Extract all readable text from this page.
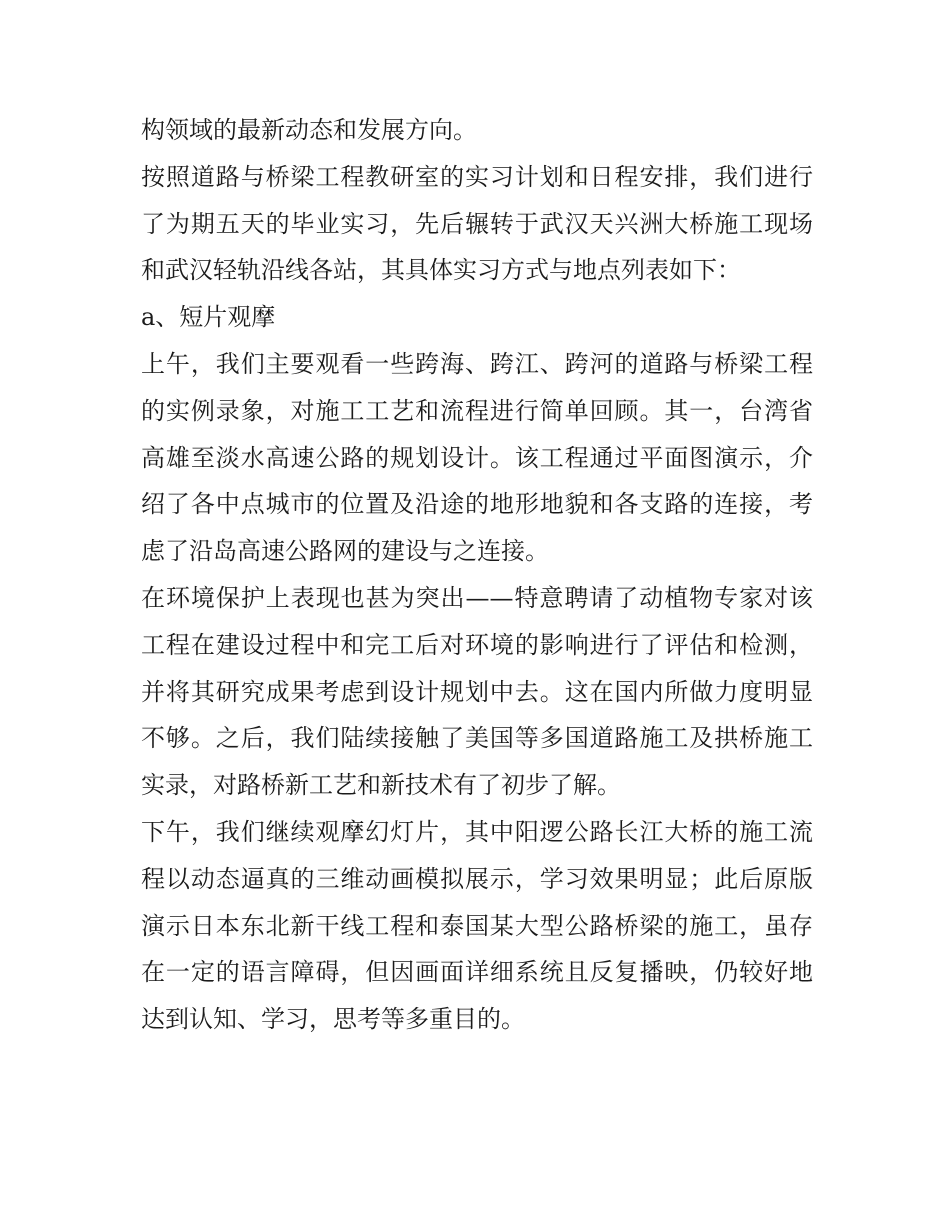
构领域的最新动态和发展方向。
按照道路与桥梁工程教研室的实习计划和日程安排，我们进行
了为期五天的毕业实习，先后辗转于武汉天兴洲大桥施工现场
和武汉轻轨沿线各站，其具体实习方式与地点列表如下：
a、短片观摩
上午，我们主要观看一些跨海、跨江、跨河的道路与桥梁工程
的实例录象，对施工工艺和流程进行简单回顾。其一，台湾省
高雄至淡水高速公路的规划设计。该工程通过平面图演示，介
绍了各中点城市的位置及沿途的地形地貌和各支路的连接，考
虑了沿岛高速公路网的建设与之连接。
在环境保护上表现也甚为突出——特意聘请了动植物专家对该
工程在建设过程中和完工后对环境的影响进行了评估和检测，
并将其研究成果考虑到设计规划中去。这在国内所做力度明显
不够。之后，我们陆续接触了美国等多国道路施工及拱桥施工
实录，对路桥新工艺和新技术有了初步了解。
下午，我们继续观摩幻灯片，其中阳逻公路长江大桥的施工流
程以动态逼真的三维动画模拟展示，学习效果明显；此后原版
演示日本东北新干线工程和泰国某大型公路桥梁的施工，虽存
在一定的语言障碍，但因画面详细系统且反复播映，仍较好地
达到认知、学习，思考等多重目的。
